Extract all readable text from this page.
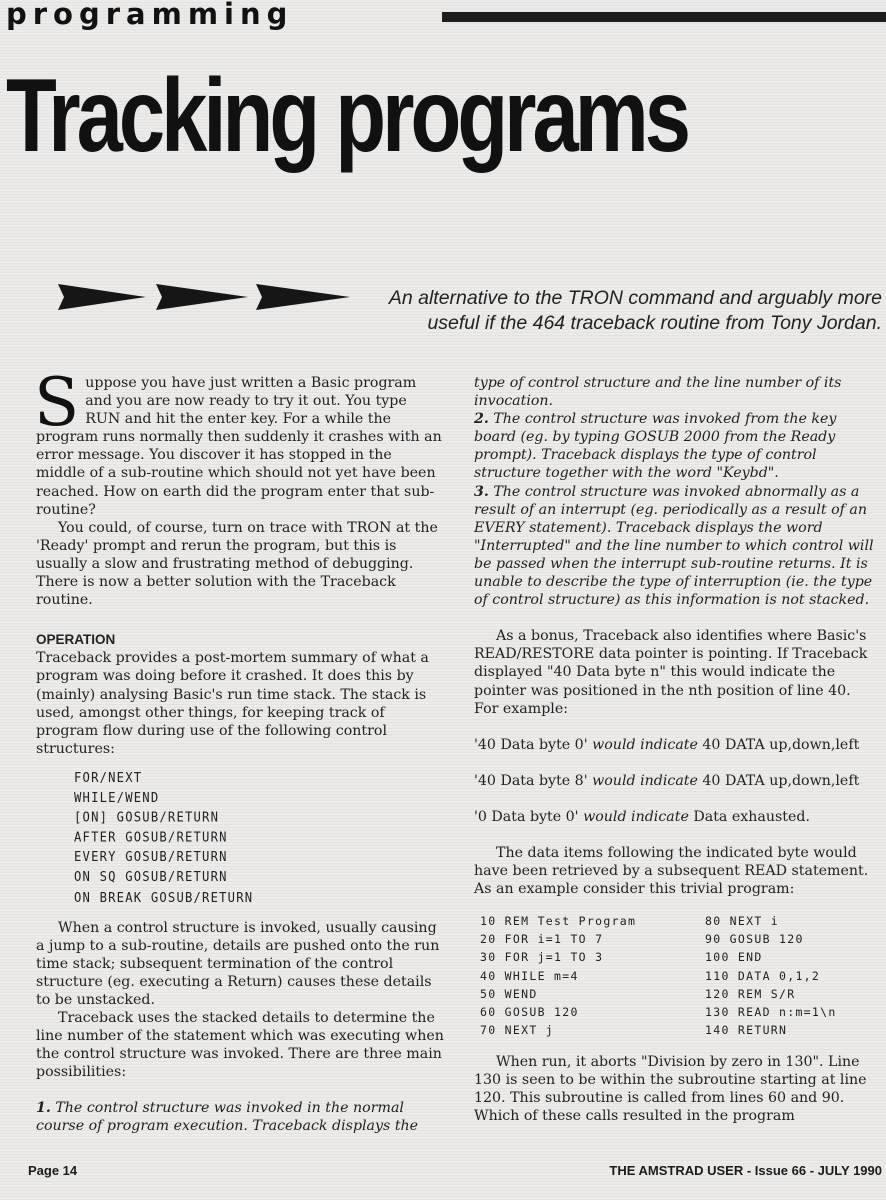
programming
Tracking programs
An alternative to the TRON command and arguably more
useful if the 464 traceback routine from Tony Jordan.

Suppose you have just written a Basic program and you are now ready to try it out. You type RUN and hit the enter key. For a while the program runs normally then suddenly it crashes with an error message. You discover it has stopped in the middle of a sub-routine which should not yet have been reached. How on earth did the program enter that sub-routine?

You could, of course, turn on trace with TRON at the 'Ready' prompt and rerun the program, but this is usually a slow and frustrating method of debugging. There is now a better solution with the Traceback routine.

OPERATION

Traceback provides a post-mortem summary of what a program was doing before it crashed. It does this by (mainly) analysing Basic's run time stack. The stack is used, amongst other things, for keeping track of program flow during use of the following control structures:

FOR/NEXT
WHILE/WEND
[ON] GOSUB/RETURN
AFTER GOSUB/RETURN
EVERY GOSUB/RETURN
ON SQ GOSUB/RETURN
ON BREAK GOSUB/RETURN

When a control structure is invoked, usually causing a jump to a sub-routine, details are pushed onto the run time stack; subsequent termination of the control structure (eg. executing a Return) causes these details to be unstacked.

Traceback uses the stacked details to determine the line number of the statement which was executing when the control structure was invoked. There are three main possibilities:

1. The control structure was invoked in the normal course of program execution. Traceback displays the

type of control structure and the line number of its invocation.

2. The control structure was invoked from the key board (eg. by typing GOSUB 2000 from the Ready prompt). Traceback displays the type of control structure together with the word "Keybd".

3. The control structure was invoked abnormally as a result of an interrupt (eg. periodically as a result of an EVERY statement). Traceback displays the word "Interrupted" and the line number to which control will be passed when the interrupt sub-routine returns. It is unable to describe the type of interruption (ie. the type of control structure) as this information is not stacked.

As a bonus, Traceback also identifies where Basic's READ/RESTORE data pointer is pointing. If Traceback displayed "40 Data byte n" this would indicate the pointer was positioned in the nth position of line 40. For example:

'40 Data byte 0' would indicate 40 DATA up,down,left

'40 Data byte 8' would indicate 40 DATA up,down,left

'0 Data byte 0' would indicate Data exhausted.

The data items following the indicated byte would have been retrieved by a subsequent READ statement. As an example consider this trivial program:

10 REM Test Program
20 FOR i=1 TO 7
30 FOR j=1 TO 3
40 WHILE m=4
50 WEND
60 GOSUB 120
70 NEXT j
80 NEXT i
90 GOSUB 120
100 END
110 DATA 0,1,2
120 REM S/R
130 READ n:m=1\n
140 RETURN

When run, it aborts "Division by zero in 130". Line 130 is seen to be within the subroutine starting at line 120. This subroutine is called from lines 60 and 90. Which of these calls resulted in the program

Page 14	THE AMSTRAD USER - Issue 66 - JULY 1990
